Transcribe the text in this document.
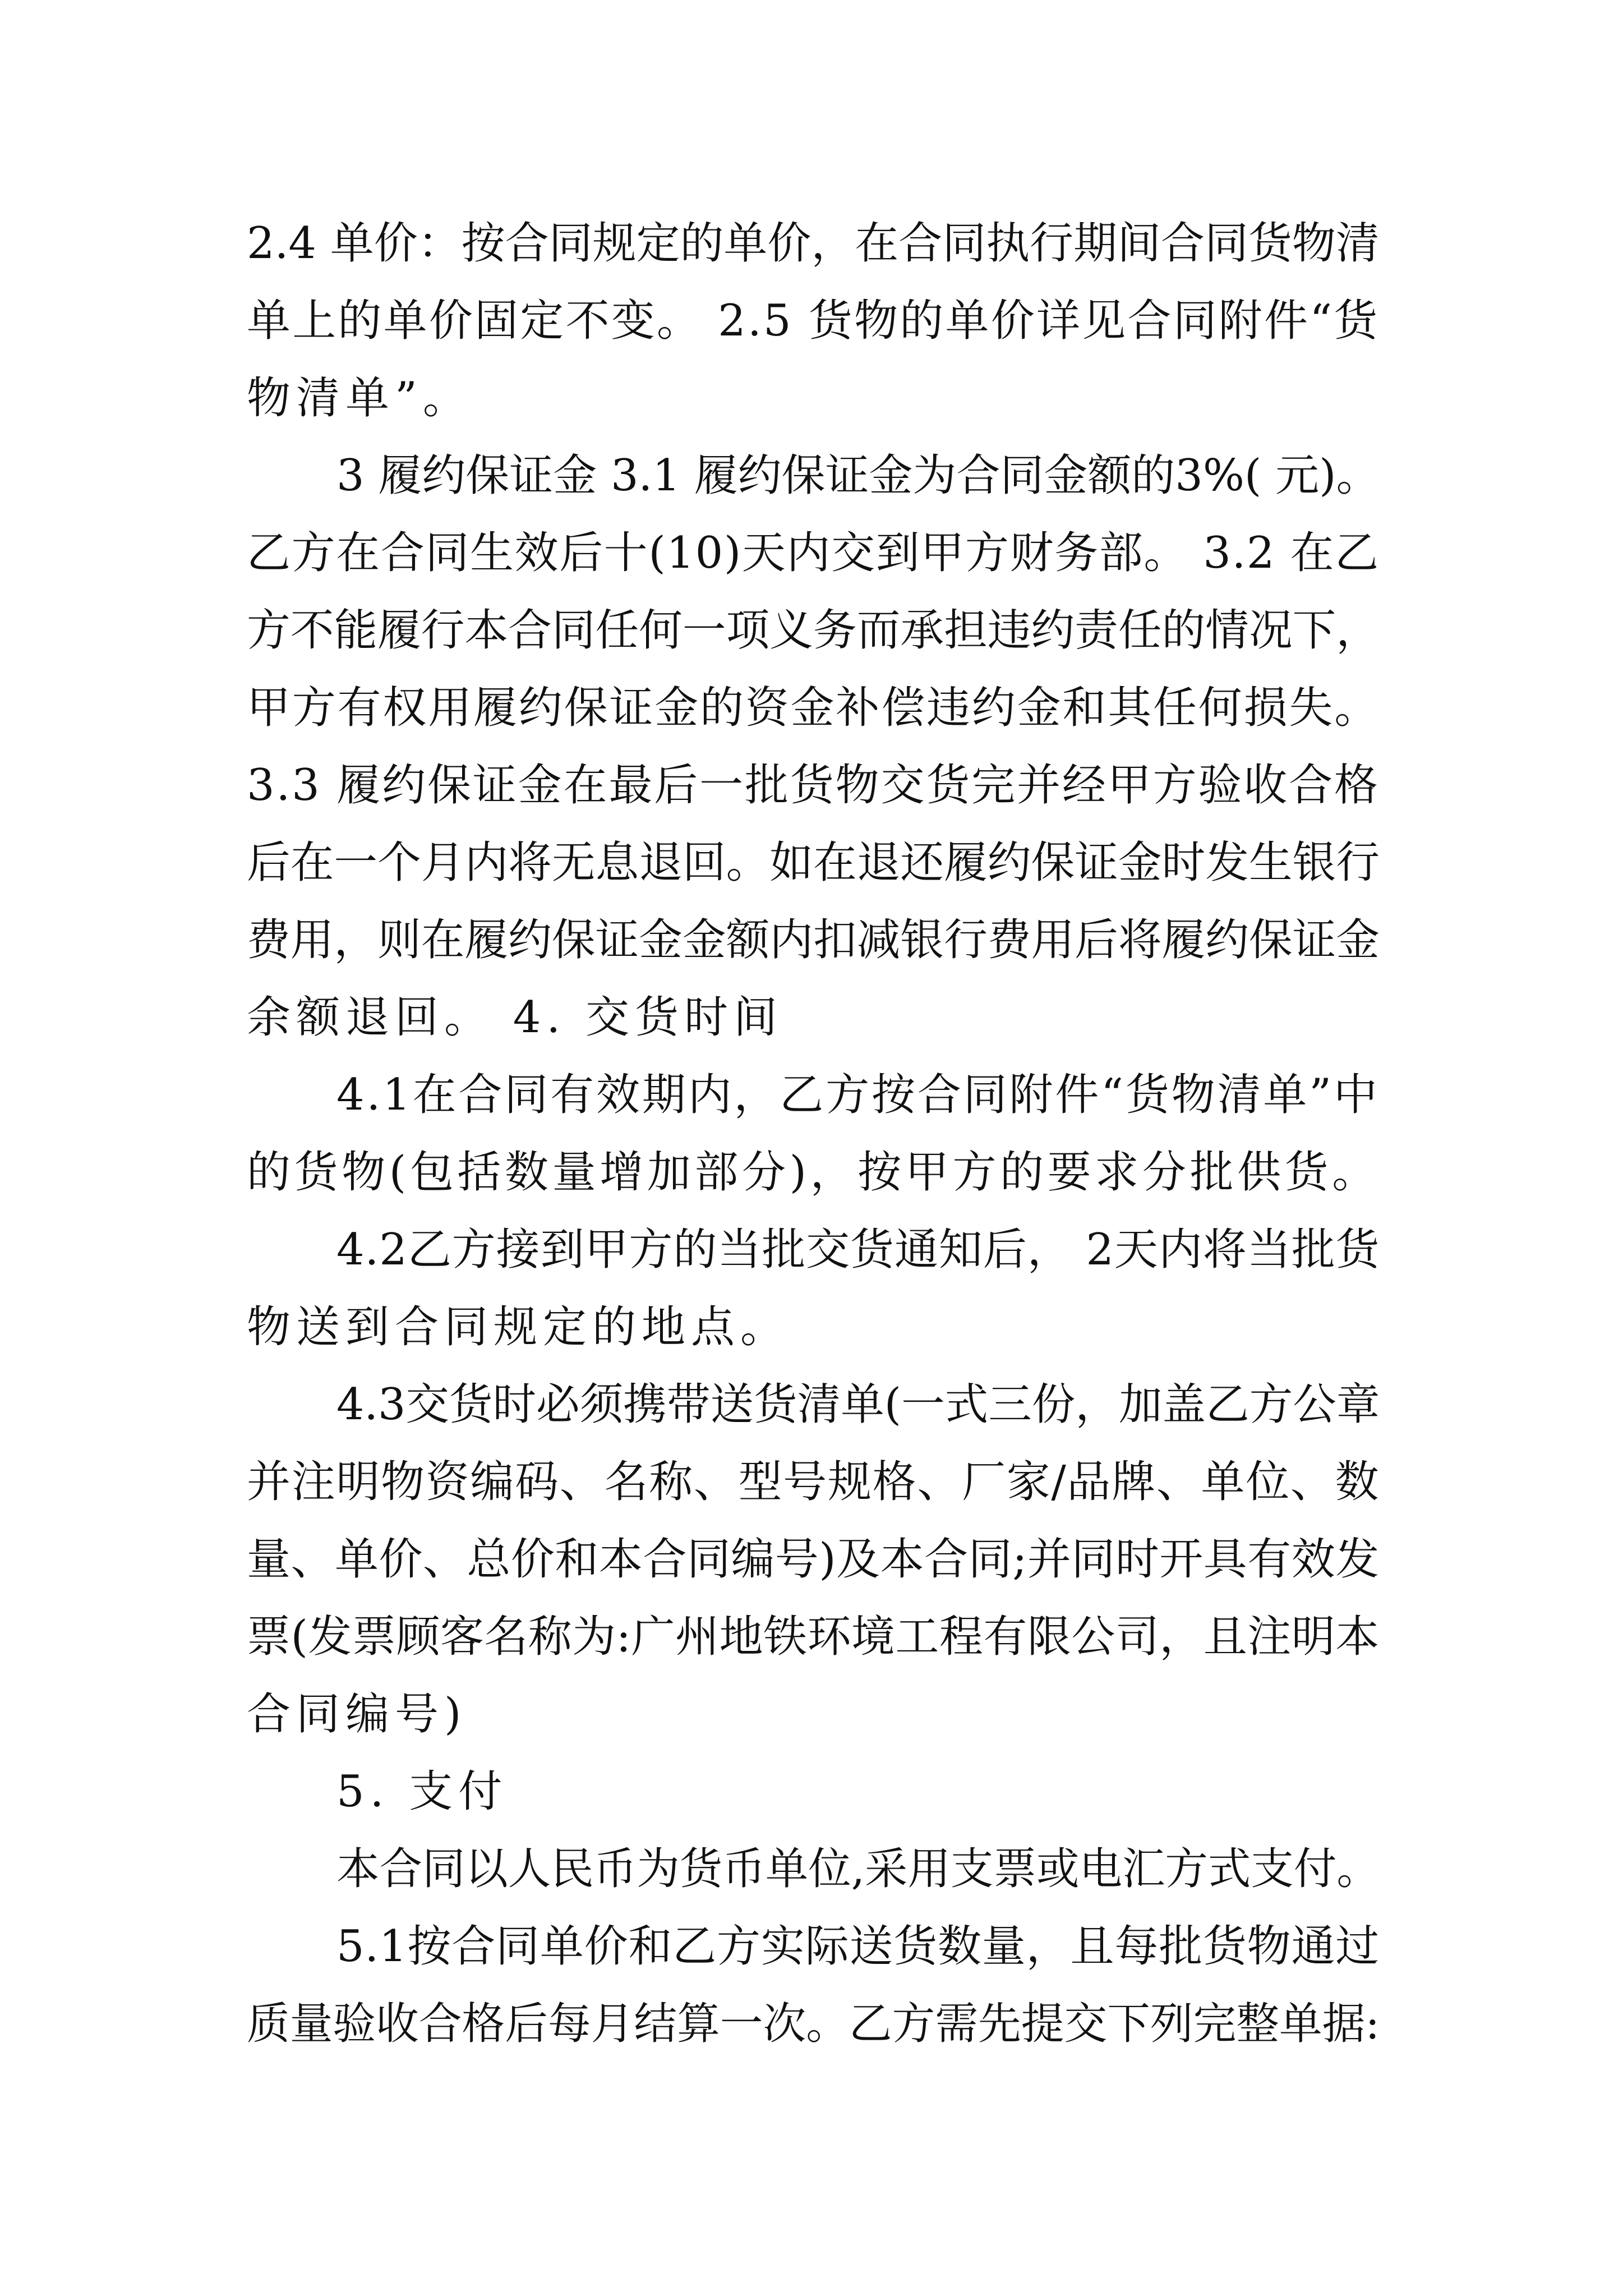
2.4 单价：按合同规定的单价，在合同执行期间合同货物清
单上的单价固定不变。 2.5 货物的单价详见合同附件“货
物清单”。
3 履约保证金 3.1 履约保证金为合同金额的3%( 元)。
乙方在合同生效后十(10)天内交到甲方财务部。 3.2 在乙
方不能履行本合同任何一项义务而承担违约责任的情况下，
甲方有权用履约保证金的资金补偿违约金和其任何损失。
3.3 履约保证金在最后一批货物交货完并经甲方验收合格
后在一个月内将无息退回。如在退还履约保证金时发生银行
费用，则在履约保证金金额内扣减银行费用后将履约保证金
余额退回。 4. 交货时间
4.1在合同有效期内，乙方按合同附件“货物清单”中
的货物(包括数量增加部分)，按甲方的要求分批供货。
4.2乙方接到甲方的当批交货通知后， 2天内将当批货
物送到合同规定的地点。
4.3交货时必须携带送货清单(一式三份，加盖乙方公章
并注明物资编码、名称、型号规格、厂家/品牌、单位、数
量、单价、总价和本合同编号)及本合同;并同时开具有效发
票(发票顾客名称为:广州地铁环境工程有限公司，且注明本
合同编号)
5. 支付
本合同以人民币为货币单位,采用支票或电汇方式支付。
5.1按合同单价和乙方实际送货数量，且每批货物通过
质量验收合格后每月结算一次。乙方需先提交下列完整单据:
